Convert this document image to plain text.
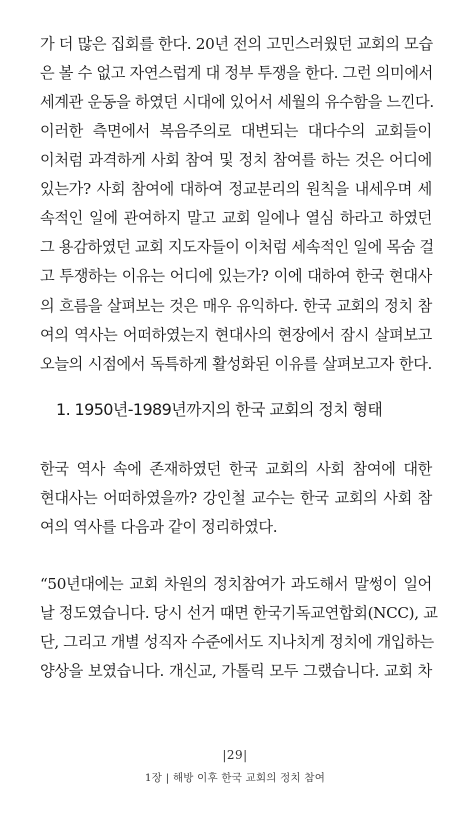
가 더 많은 집회를 한다. 20년 전의 고민스러웠던 교회의 모습
은 볼 수 없고 자연스럽게 대 정부 투쟁을 한다. 그런 의미에서
세계관 운동을 하였던 시대에 있어서 세월의 유수함을 느낀다.
이러한 측면에서 복음주의로 대변되는 대다수의 교회들이
이처럼 과격하게 사회 참여 및 정치 참여를 하는 것은 어디에
있는가? 사회 참여에 대하여 정교분리의 원칙을 내세우며 세
속적인 일에 관여하지 말고 교회 일에나 열심 하라고 하였던
그 용감하였던 교회 지도자들이 이처럼 세속적인 일에 목숨 걸
고 투쟁하는 이유는 어디에 있는가? 이에 대하여 한국 현대사
의 흐름을 살펴보는 것은 매우 유익하다. 한국 교회의 정치 참
여의 역사는 어떠하였는지 현대사의 현장에서 잠시 살펴보고
오늘의 시점에서 독특하게 활성화된 이유를 살펴보고자 한다.
1. 1950년-1989년까지의 한국 교회의 정치 형태
한국 역사 속에 존재하였던 한국 교회의 사회 참여에 대한
현대사는 어떠하였을까? 강인철 교수는 한국 교회의 사회 참
여의 역사를 다음과 같이 정리하였다.
“50년대에는 교회 차원의 정치참여가 과도해서 말썽이 일어
날 정도였습니다. 당시 선거 때면 한국기독교연합회(NCC), 교
단, 그리고 개별 성직자 수준에서도 지나치게 정치에 개입하는
양상을 보였습니다. 개신교, 가톨릭 모두 그랬습니다. 교회 차
|29|
1장 | 해방 이후 한국 교회의 정치 참여
